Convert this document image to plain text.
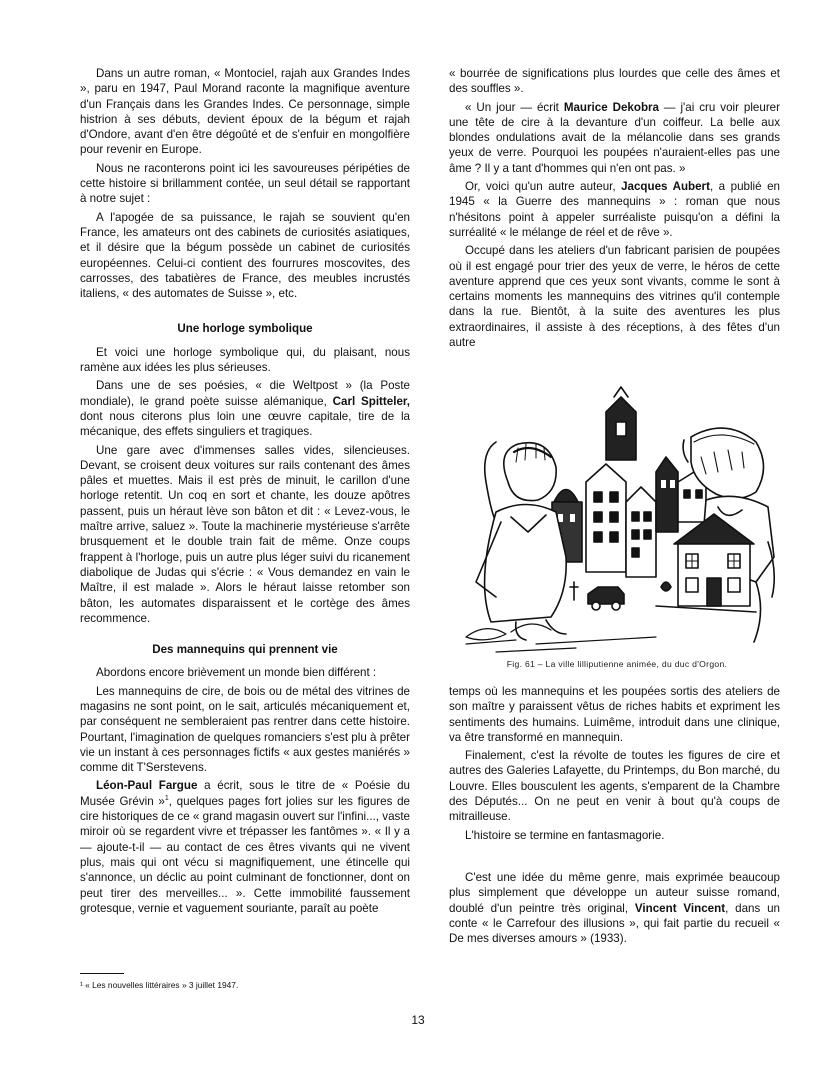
Dans un autre roman, « Montociel, rajah aux Grandes Indes », paru en 1947, Paul Morand raconte la magnifique aventure d'un Français dans les Grandes Indes. Ce personnage, simple histrion à ses débuts, devient époux de la bégum et rajah d'Ondore, avant d'en être dégoûté et de s'enfuir en mongolfière pour revenir en Europe.

Nous ne raconterons point ici les savoureuses péripéties de cette histoire si brillamment contée, un seul détail se rapportant à notre sujet :

A l'apogée de sa puissance, le rajah se souvient qu'en France, les amateurs ont des cabinets de curiosités asiatiques, et il désire que la bégum possède un cabinet de curiosités européennes. Celui-ci contient des fourrures moscovites, des carrosses, des tabatières de France, des meubles incrustés italiens, « des automates de Suisse », etc.

Une horloge symbolique

Et voici une horloge symbolique qui, du plaisant, nous ramène aux idées les plus sérieuses.

Dans une de ses poésies, « die Weltpost » (la Poste mondiale), le grand poète suisse alémanique, Carl Spitteler, dont nous citerons plus loin une œuvre capitale, tire de la mécanique, des effets singuliers et tragiques.

Une gare avec d'immenses salles vides, silencieuses. Devant, se croisent deux voitures sur rails contenant des âmes pâles et muettes. Mais il est près de minuit, le carillon d'une horloge retentit. Un coq en sort et chante, les douze apôtres passent, puis un héraut lève son bâton et dit : « Levez-vous, le maître arrive, saluez ». Toute la machinerie mystérieuse s'arrête brusquement et le double train fait de même. Onze coups frappent à l'horloge, puis un autre plus léger suivi du ricanement diabolique de Judas qui s'écrie : « Vous demandez en vain le Maître, il est malade ». Alors le héraut laisse retomber son bâton, les automates disparaissent et le cortège des âmes recommence.

Des mannequins qui prennent vie

Abordons encore brièvement un monde bien différent :

Les mannequins de cire, de bois ou de métal des vitrines de magasins ne sont point, on le sait, articulés mécaniquement et, par conséquent ne sembleraient pas rentrer dans cette histoire. Pourtant, l'imagination de quelques romanciers s'est plu à prêter vie un instant à ces personnages fictifs « aux gestes maniérés » comme dit T'Serstevens.

Léon-Paul Fargue a écrit, sous le titre de « Poésie du Musée Grévin »$^1$, quelques pages fort jolies sur les figures de cire historiques de ce « grand magasin ouvert sur l'infini..., vaste miroir où se regardent vivre et trépasser les fantômes ». « Il y a — ajoute-t-il — au contact de ces êtres vivants qui ne vivent plus, mais qui ont vécu si magnifiquement, une étincelle qui s'annonce, un déclic au point culminant de fonctionner, dont on peut tirer des merveilles... ». Cette immobilité faussement grotesque, vernie et vaguement souriante, paraît au poète

« bourrée de significations plus lourdes que celle des âmes et des souffles ».

« Un jour — écrit Maurice Dekobra — j'ai cru voir pleurer une tête de cire à la devanture d'un coiffeur. La belle aux blondes ondulations avait de la mélancolie dans ses grands yeux de verre. Pourquoi les poupées n'auraient-elles pas une âme ? Il y a tant d'hommes qui n'en ont pas. »

Or, voici qu'un autre auteur, Jacques Aubert, a publié en 1945 « la Guerre des mannequins » : roman que nous n'hésitons point à appeler surréaliste puisqu'on a défini la surréalité « le mélange de réel et de rêve ».

Occupé dans les ateliers d'un fabricant parisien de poupées où il est engagé pour trier des yeux de verre, le héros de cette aventure apprend que ces yeux sont vivants, comme le sont à certains moments les mannequins des vitrines qu'il contemple dans la rue. Bientôt, à la suite des aventures les plus extraordinaires, il assiste à des réceptions, à des fêtes d'un autre

Fig. 61 – La ville lilliputienne animée, du duc d'Orgon.

temps où les mannequins et les poupées sortis des ateliers de son maître y paraissent vêtus de riches habits et expriment les sentiments des humains. Luimême, introduit dans une clinique, va être transformé en mannequin.

Finalement, c'est la révolte de toutes les figures de cire et autres des Galeries Lafayette, du Printemps, du Bon marché, du Louvre. Elles bousculent les agents, s'emparent de la Chambre des Députés... On ne peut en venir à bout qu'à coups de mitrailleuse.

L'histoire se termine en fantasmagorie.

C'est une idée du même genre, mais exprimée beaucoup plus simplement que développe un auteur suisse romand, doublé d'un peintre très original, Vincent Vincent, dans un conte « le Carrefour des illusions », qui fait partie du recueil « De mes diverses amours » (1933).

¹ « Les nouvelles littéraires » 3 juillet 1947.
13
